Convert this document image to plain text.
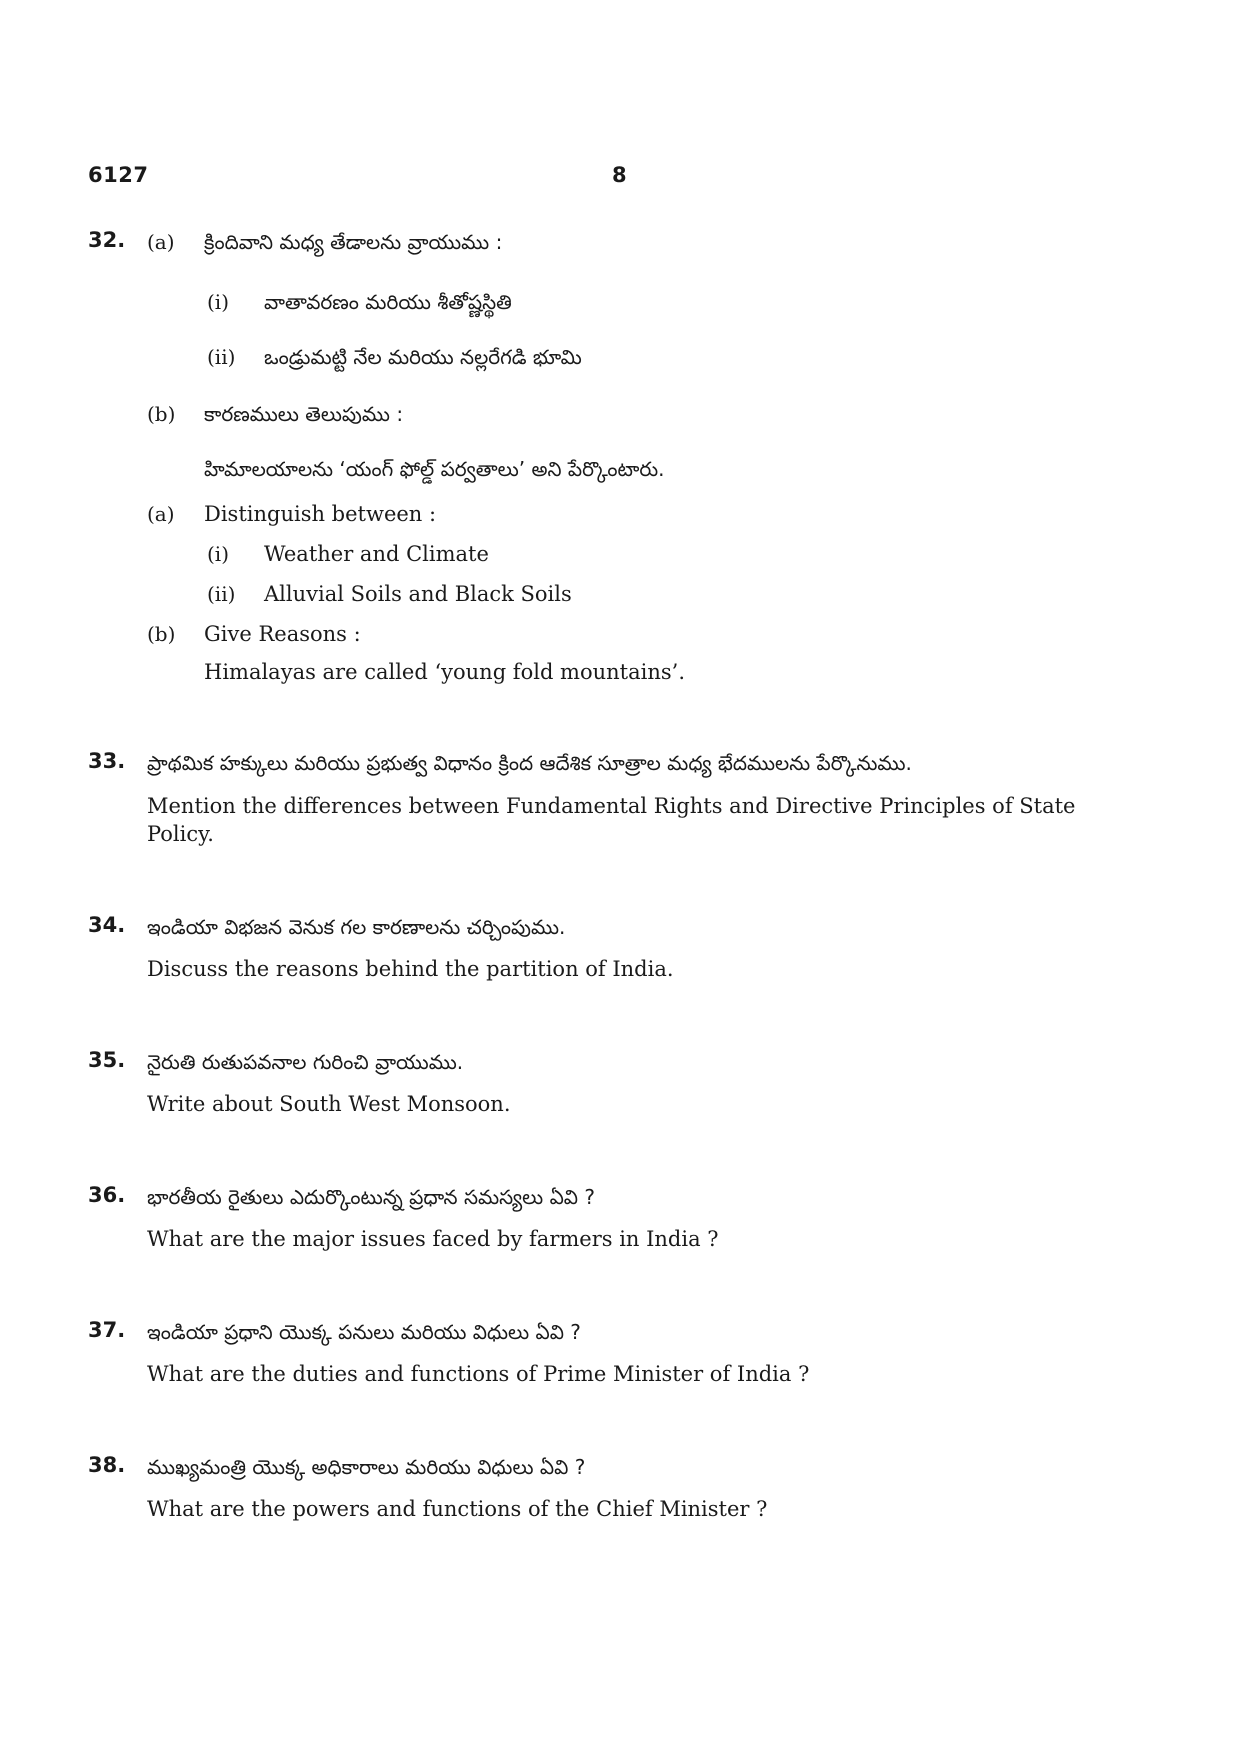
6127	8
32. (a) క్రిందివాని మధ్య తేడాలను వ్రాయుము :
(i) వాతావరణం మరియు శీతోష్ణస్థితి
(ii) ఒండ్రుమట్టి నేల మరియు నల్లరేగడి భూమి
(b) కారణములు తెలుపుము :
హిమాలయాలను ‘యంగ్ ఫోల్డ్ పర్వతాలు’ అని పేర్కొంటారు.
(a) Distinguish between :
(i) Weather and Climate
(ii) Alluvial Soils and Black Soils
(b) Give Reasons :
Himalayas are called ‘young fold mountains’.
33. ప్రాథమిక హక్కులు మరియు ప్రభుత్వ విధానం క్రింద ఆదేశిక సూత్రాల మధ్య భేదములను పేర్కొనుము.
Mention the differences between Fundamental Rights and Directive Principles of State Policy.
34. ఇండియా విభజన వెనుక గల కారణాలను చర్చింపుము.
Discuss the reasons behind the partition of India.
35. నైరుతి రుతుపవనాల గురించి వ్రాయుము.
Write about South West Monsoon.
36. భారతీయ రైతులు ఎదుర్కొంటున్న ప్రధాన సమస్యలు ఏవి ?
What are the major issues faced by farmers in India ?
37. ఇండియా ప్రధాని యొక్క పనులు మరియు విధులు ఏవి ?
What are the duties and functions of Prime Minister of India ?
38. ముఖ్యమంత్రి యొక్క అధికారాలు మరియు విధులు ఏవి ?
What are the powers and functions of the Chief Minister ?
